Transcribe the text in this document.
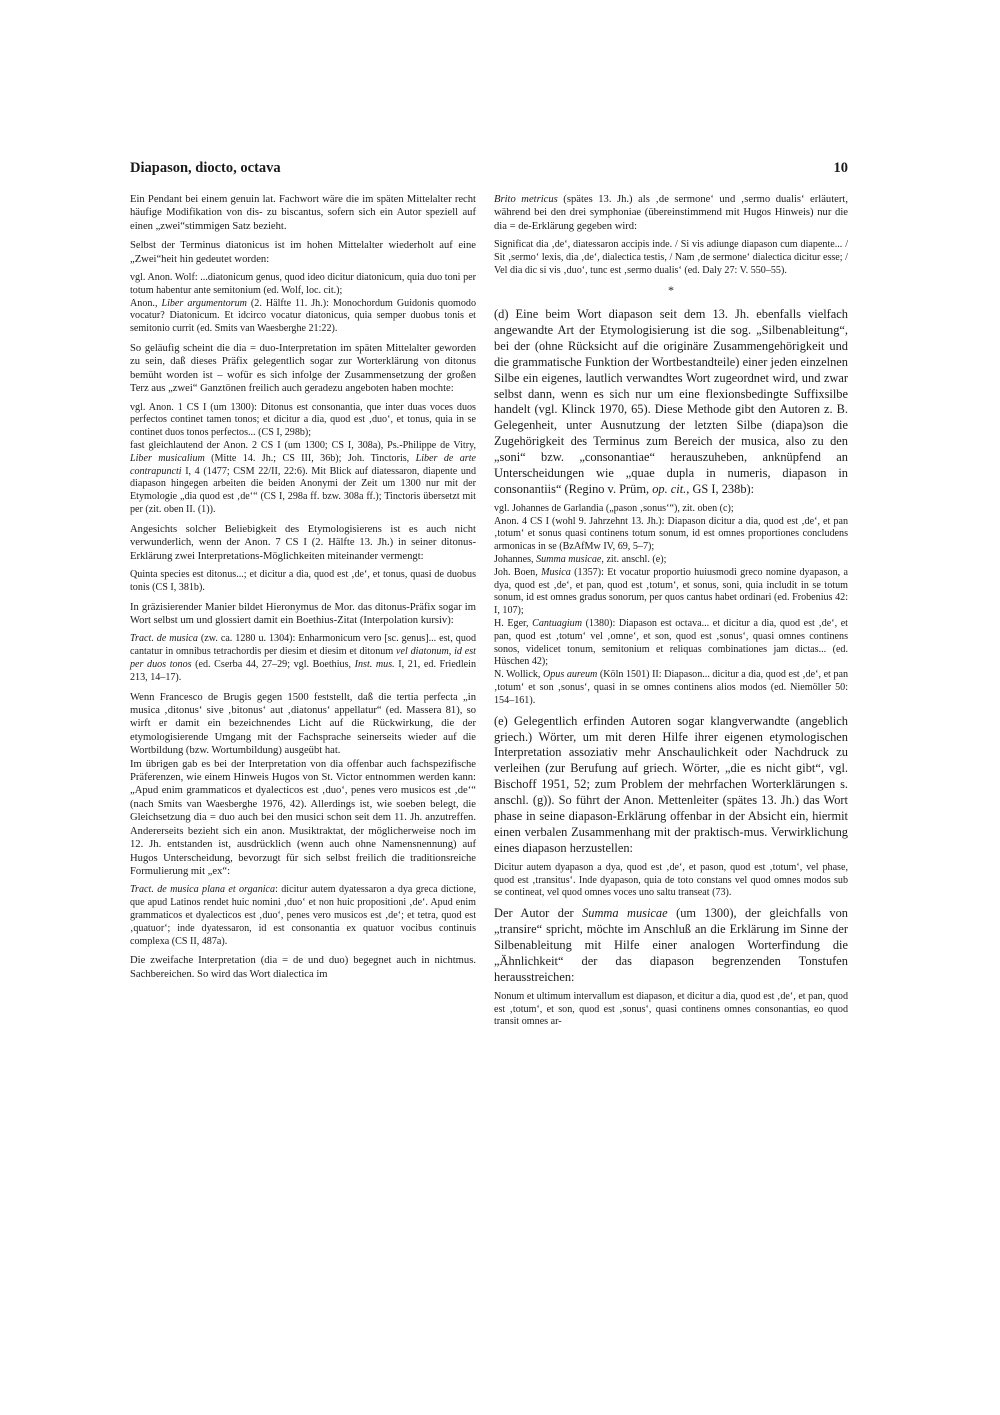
Diapason, diocto, octava	10

Ein Pendant bei einem genuin lat. Fachwort wäre die im späten Mittelalter recht häufige Modifikation von dis- zu biscantus, sofern sich ein Autor speziell auf einen „zwei“stimmigen Satz bezieht.

Selbst der Terminus diatonicus ist im hohen Mittelalter wiederholt auf eine „Zwei“heit hin gedeutet worden:

vgl. Anon. Wolf: ...diatonicum genus, quod ideo dicitur diatonicum, quia duo toni per totum habentur ante semitonium (ed. Wolf, loc. cit.);

Anon., Liber argumentorum (2. Hälfte 11. Jh.): Monochordum Guidonis quomodo vocatur? Diatonicum. Et idcirco vocatur diatonicus, quia semper duobus tonis et semitonio currit (ed. Smits van Waesberghe 21:22).

So geläufig scheint die dia = duo-Interpretation im späten Mittelalter geworden zu sein, daß dieses Präfix gelegentlich sogar zur Worterklärung von ditonus bemüht worden ist – wofür es sich infolge der Zusammensetzung der großen Terz aus „zwei“ Ganztönen freilich auch geradezu angeboten haben mochte:

vgl. Anon. 1 CS I (um 1300): Ditonus est consonantia, que inter duas voces duos perfectos continet tamen tonos; et dicitur a dia, quod est ‚duo‘, et tonus, quia in se continet duos tonos perfectos... (CS I, 298b);

fast gleichlautend der Anon. 2 CS I (um 1300; CS I, 308a), Ps.-Philippe de Vitry, Liber musicalium (Mitte 14. Jh.; CS III, 36b); Joh. Tinctoris, Liber de arte contrapuncti I, 4 (1477; CSM 22/II, 22:6). Mit Blick auf diatessaron, diapente und diapason hingegen arbeiten die beiden Anonymi der Zeit um 1300 nur mit der Etymologie „dia quod est ‚de‘“ (CS I, 298a ff. bzw. 308a ff.); Tinctoris übersetzt mit per (zit. oben II. (1)).

Angesichts solcher Beliebigkeit des Etymologisierens ist es auch nicht verwunderlich, wenn der Anon. 7 CS I (2. Hälfte 13. Jh.) in seiner ditonus-Erklärung zwei Interpretations-Möglichkeiten miteinander vermengt:

Quinta species est ditonus...; et dicitur a dia, quod est ‚de‘, et tonus, quasi de duobus tonis (CS I, 381b).

In gräzisierender Manier bildet Hieronymus de Mor. das ditonus-Präfix sogar im Wort selbst um und glossiert damit ein Boethius-Zitat (Interpolation kursiv):

Tract. de musica (zw. ca. 1280 u. 1304): Enharmonicum vero [sc. genus]... est, quod cantatur in omnibus tetrachordis per diesim et diesim et ditonum vel diatonum, id est per duos tonos (ed. Cserba 44, 27–29; vgl. Boethius, Inst. mus. I, 21, ed. Friedlein 213, 14–17).

Wenn Francesco de Brugis gegen 1500 feststellt, daß die tertia perfecta „in musica ‚ditonus‘ sive ‚bitonus‘ aut ‚diatonus‘ appellatur“ (ed. Massera 81), so wirft er damit ein bezeichnendes Licht auf die Rückwirkung, die der etymologisierende Umgang mit der Fachsprache seinerseits wieder auf die Wortbildung (bzw. Wortumbildung) ausgeübt hat.

Im übrigen gab es bei der Interpretation von dia offenbar auch fachspezifische Präferenzen, wie einem Hinweis Hugos von St. Victor entnommen werden kann: „Apud enim grammaticos et dyalecticos est ‚duo‘, penes vero musicos est ‚de‘“ (nach Smits van Waesberghe 1976, 42). Allerdings ist, wie soeben belegt, die Gleichsetzung dia = duo auch bei den musici schon seit dem 11. Jh. anzutreffen. Andererseits bezieht sich ein anon. Musiktraktat, der möglicherweise noch im 12. Jh. entstanden ist, ausdrücklich (wenn auch ohne Namensnennung) auf Hugos Unterscheidung, bevorzugt für sich selbst freilich die traditionsreiche Formulierung mit „ex“:

Tract. de musica plana et organica: dicitur autem dyatessaron a dya greca dictione, que apud Latinos rendet huic nomini ‚duo‘ et non huic propositioni ‚de‘. Apud enim grammaticos et dyalecticos est ‚duo‘, penes vero musicos est ‚de‘; et tetra, quod est ‚quatuor‘; inde dyatessaron, id est consonantia ex quatuor vocibus continuis complexa (CS II, 487a).

Die zweifache Interpretation (dia = de und duo) begegnet auch in nichtmus. Sachbereichen. So wird das Wort dialectica im

Brito metricus (spätes 13. Jh.) als ‚de sermone‘ und ‚sermo dualis‘ erläutert, während bei den drei symphoniae (übereinstimmend mit Hugos Hinweis) nur die dia = de-Erklärung gegeben wird:

Significat dia ‚de‘, diatessaron accipis inde. / Si vis adiunge diapason cum diapente... / Sit ‚sermo‘ lexis, dia ‚de‘, dialectica testis, / Nam ‚de sermone‘ dialectica dicitur esse; / Vel dia dic si vis ‚duo‘, tunc est ‚sermo dualis‘ (ed. Daly 27: V. 550–55).

*

(d) Eine beim Wort diapason seit dem 13. Jh. ebenfalls vielfach angewandte Art der Etymologisierung ist die sog. „Silbenableitung“, bei der (ohne Rücksicht auf die originäre Zusammengehörigkeit und die grammatische Funktion der Wortbestandteile) einer jeden einzelnen Silbe ein eigenes, lautlich verwandtes Wort zugeordnet wird, und zwar selbst dann, wenn es sich nur um eine flexionsbedingte Suffixsilbe handelt (vgl. Klinck 1970, 65). Diese Methode gibt den Autoren z. B. Gelegenheit, unter Ausnutzung der letzten Silbe (diapa)son die Zugehörigkeit des Terminus zum Bereich der musica, also zu den „soni“ bzw. „consonantiae“ herauszuheben, anknüpfend an Unterscheidungen wie „quae dupla in numeris, diapason in consonantiis“ (Regino v. Prüm, op. cit., GS I, 238b):

vgl. Johannes de Garlandia („pason ‚sonus‘“), zit. oben (c);

Anon. 4 CS I (wohl 9. Jahrzehnt 13. Jh.): Diapason dicitur a dia, quod est ‚de‘, et pan ‚totum‘ et sonus quasi continens totum sonum, id est omnes proportiones concludens armonicas in se (BzAfMw IV, 69, 5–7);

Johannes, Summa musicae, zit. anschl. (e);

Joh. Boen, Musica (1357): Et vocatur proportio huiusmodi greco nomine dyapason, a dya, quod est ‚de‘, et pan, quod est ‚totum‘, et sonus, soni, quia includit in se totum sonum, id est omnes gradus sonorum, per quos cantus habet ordinari (ed. Frobenius 42: I, 107);

H. Eger, Cantuagium (1380): Diapason est octava... et dicitur a dia, quod est ‚de‘, et pan, quod est ‚totum‘ vel ‚omne‘, et son, quod est ‚sonus‘, quasi omnes continens sonos, videlicet tonum, semitonium et reliquas combinationes jam dictas... (ed. Hüschen 42);

N. Wollick, Opus aureum (Köln 1501) II: Diapason... dicitur a dia, quod est ‚de‘, et pan ‚totum‘ et son ‚sonus‘, quasi in se omnes continens alios modos (ed. Niemöller 50: 154–161).

(e) Gelegentlich erfinden Autoren sogar klangverwandte (angeblich griech.) Wörter, um mit deren Hilfe ihrer eigenen etymologischen Interpretation assoziativ mehr Anschaulichkeit oder Nachdruck zu verleihen (zur Berufung auf griech. Wörter, „die es nicht gibt“, vgl. Bischoff 1951, 52; zum Problem der mehrfachen Worterklärungen s. anschl. (g)). So führt der Anon. Mettenleiter (spätes 13. Jh.) das Wort phase in seine diapason-Erklärung offenbar in der Absicht ein, hiermit einen verbalen Zusammenhang mit der praktisch-mus. Verwirklichung eines diapason herzustellen:

Dicitur autem dyapason a dya, quod est ‚de‘, et pason, quod est ‚totum‘, vel phase, quod est ‚transitus‘. Inde dyapason, quia de toto constans vel quod omnes modos sub se contineat, vel quod omnes voces uno saltu transeat (73).

Der Autor der Summa musicae (um 1300), der gleichfalls von „transire“ spricht, möchte im Anschluß an die Erklärung im Sinne der Silbenableitung mit Hilfe einer analogen Worterfindung die „Ähnlichkeit“ der das diapason begrenzenden Tonstufen herausstreichen:

Nonum et ultimum intervallum est diapason, et dicitur a dia, quod est ‚de‘, et pan, quod est ‚totum‘, et son, quod est ‚sonus‘, quasi continens omnes consonantias, eo quod transit omnes ar-
